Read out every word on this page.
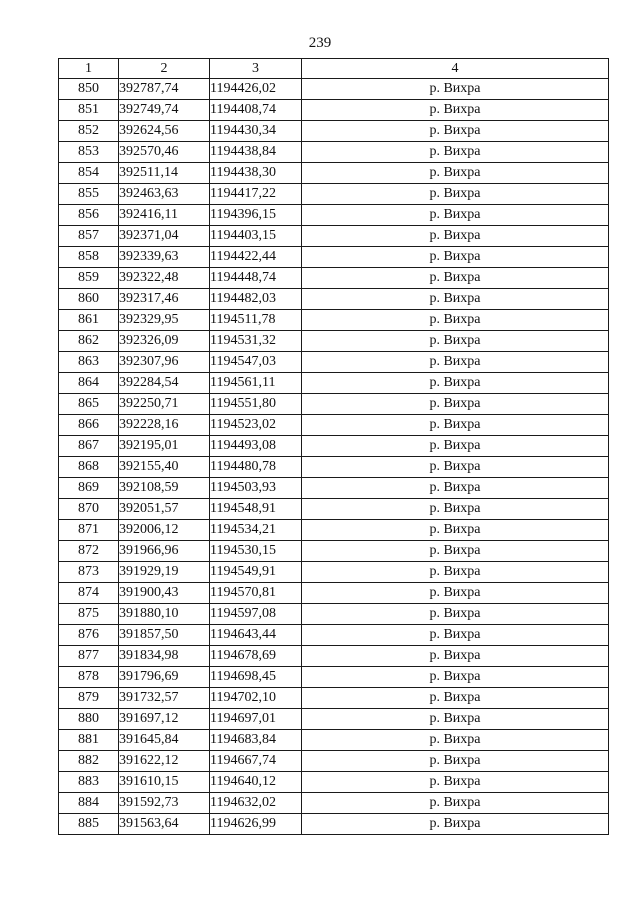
239
1	2	3	4
850	392787,74	1194426,02	р. Вихра
851	392749,74	1194408,74	р. Вихра
852	392624,56	1194430,34	р. Вихра
853	392570,46	1194438,84	р. Вихра
854	392511,14	1194438,30	р. Вихра
855	392463,63	1194417,22	р. Вихра
856	392416,11	1194396,15	р. Вихра
857	392371,04	1194403,15	р. Вихра
858	392339,63	1194422,44	р. Вихра
859	392322,48	1194448,74	р. Вихра
860	392317,46	1194482,03	р. Вихра
861	392329,95	1194511,78	р. Вихра
862	392326,09	1194531,32	р. Вихра
863	392307,96	1194547,03	р. Вихра
864	392284,54	1194561,11	р. Вихра
865	392250,71	1194551,80	р. Вихра
866	392228,16	1194523,02	р. Вихра
867	392195,01	1194493,08	р. Вихра
868	392155,40	1194480,78	р. Вихра
869	392108,59	1194503,93	р. Вихра
870	392051,57	1194548,91	р. Вихра
871	392006,12	1194534,21	р. Вихра
872	391966,96	1194530,15	р. Вихра
873	391929,19	1194549,91	р. Вихра
874	391900,43	1194570,81	р. Вихра
875	391880,10	1194597,08	р. Вихра
876	391857,50	1194643,44	р. Вихра
877	391834,98	1194678,69	р. Вихра
878	391796,69	1194698,45	р. Вихра
879	391732,57	1194702,10	р. Вихра
880	391697,12	1194697,01	р. Вихра
881	391645,84	1194683,84	р. Вихра
882	391622,12	1194667,74	р. Вихра
883	391610,15	1194640,12	р. Вихра
884	391592,73	1194632,02	р. Вихра
885	391563,64	1194626,99	р. Вихра
